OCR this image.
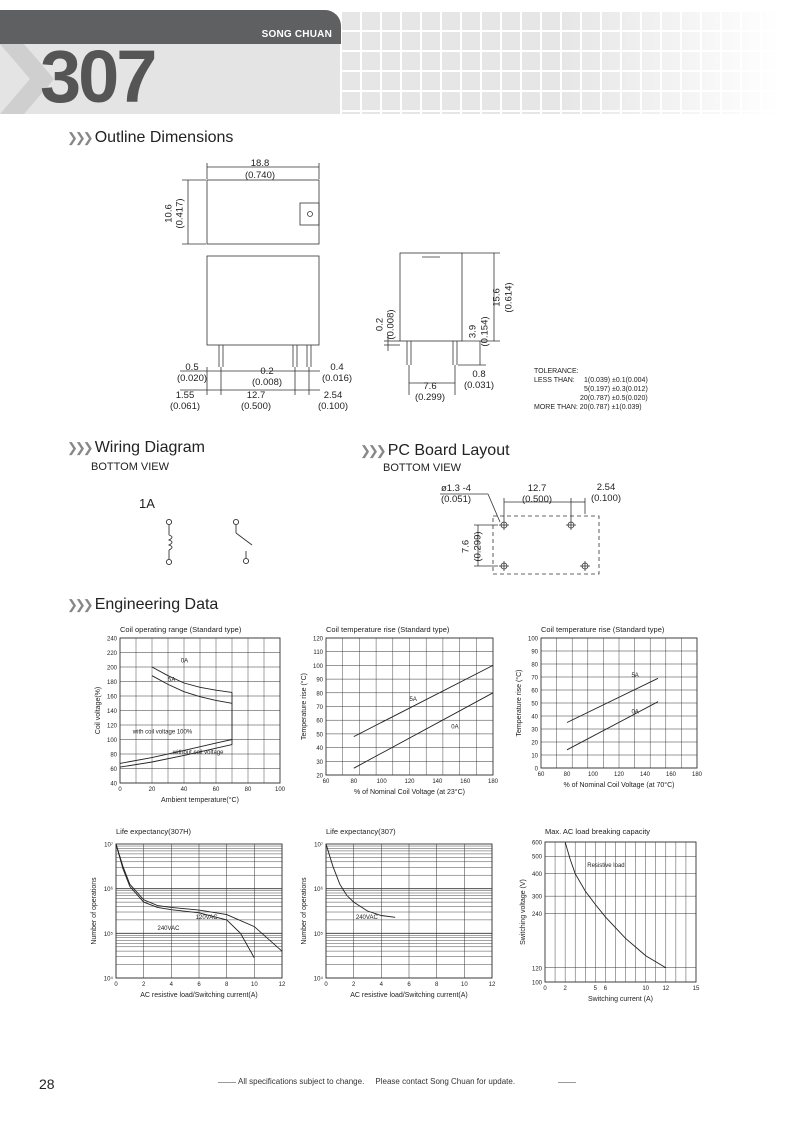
SONG CHUAN
307
❯❯❯ Outline Dimensions
18.8
(0.740)
10.6 (0.417)
15.6 (0.614)
0.2 (0.008)	3.9 (0.154)
0.5
(0.020)
0.2
(0.008)
0.4
(0.016)
1.55
(0.061)
12.7
(0.500)
2.54
(0.100)
7.6
(0.299)
0.8
(0.031)
TOLERANCE:
LESS THAN:	1(0.039) ±0.1(0.004)
5(0.197) ±0.3(0.012)
20(0.787) ±0.5(0.020)
MORE THAN: 20(0.787) ±1(0.039)
❯❯❯ Wiring Diagram
BOTTOM VIEW
1A
❯❯❯ PC Board Layout
BOTTOM VIEW
ø1.3 -4
(0.051)
12.7
(0.500)
2.54
(0.100)
7.6 (0.299)
❯❯❯ Engineering Data
Coil operating range (Standard type)
40
60
80
100
120
140
160
180
200
220
240
0	20	40	60	80	100
Ambient temperature(°C)
Coil voltage(%)
0A
5A
with coil voltage 100%
without coil voltage
Coil temperature rise (Standard type)
20
30
40
50
60
70
80
90
100
110
120
60	80	100	120	140	160	180
% of Nominal Coil Voltage (at 23°C)
Temperature rise (°C)	5A
0A
Coil temperature rise (Standard type)
0
10
20
30
40
50
60
70
80
90
100
60	80	100	120	140	160	180
% of Nominal Coil Voltage (at 70°C)
Temperature rise (°C)	5A
0A
Life expectancy(307H)
10⁴
10⁵
10⁶
10⁷
0	2	4	6	8	10	12
AC resistive load/Switching current(A)
Number of operations	120VAC
240VAC
Life expectancy(307)
10⁴
10⁵
10⁶
10⁷
0	2	4	6	8	10	12
AC resistive load/Switching current(A)
Number of operations	240VAC
Max. AC load breaking capacity
100
120
240
300
400
500
600
0	2	5 6	10 12	15
Switching current (A)
Switching voltage (V)
Resistive load
28	All specifications subject to change.     Please contact Song Chuan for update.
